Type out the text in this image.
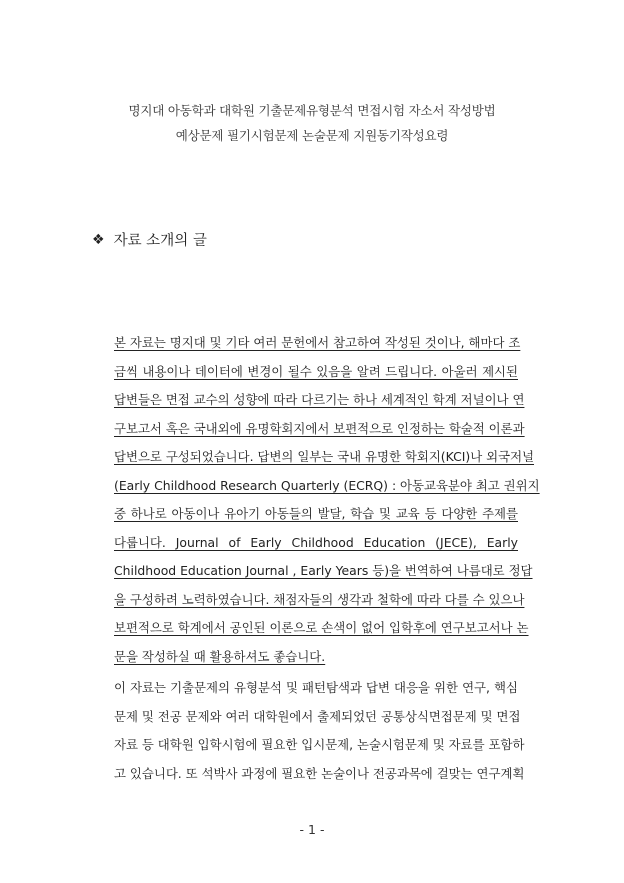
명지대 아동학과 대학원 기출문제유형분석 면접시험 자소서 작성방법
예상문제 필기시험문제 논술문제 지원동기작성요령
❖ 자료 소개의 글
본 자료는 명지대 및 기타 여러 문헌에서 참고하여 작성된 것이나, 해마다 조
금씩 내용이나 데이터에 변경이 될수 있음을 알려 드립니다. 아울러 제시된
답변들은 면접 교수의 성향에 따라 다르기는 하나 세계적인 학계 저널이나 연
구보고서 혹은 국내외에 유명학회지에서 보편적으로 인정하는 학술적 이론과
답변으로 구성되었습니다. 답변의 일부는 국내 유명한 학회지(KCI)나 외국저널
(Early Childhood Research Quarterly (ECRQ) : 아동교육분야 최고 권위지
중 하나로 아동이나 유아기 아동들의 발달, 학습 및 교육 등 다양한 주제를
다룹니다. Journal of Early Childhood Education (JECE), Early
Childhood Education Journal , Early Years 등)을 번역하여 나름대로 정답
을 구성하려 노력하였습니다. 채점자들의 생각과 철학에 따라 다를 수 있으나
보편적으로 학계에서 공인된 이론으로 손색이 없어 입학후에 연구보고서나 논
문을 작성하실 때 활용하셔도 좋습니다.
이 자료는 기출문제의 유형분석 및 패턴탐색과 답변 대응을 위한 연구, 핵심
문제 및 전공 문제와 여러 대학원에서 출제되었던 공통상식면접문제 및 면접
자료 등 대학원 입학시험에 필요한 입시문제, 논술시험문제 및 자료를 포함하
고 있습니다. 또 석박사 과정에 필요한 논술이나 전공과목에 걸맞는 연구계획
- 1 -
